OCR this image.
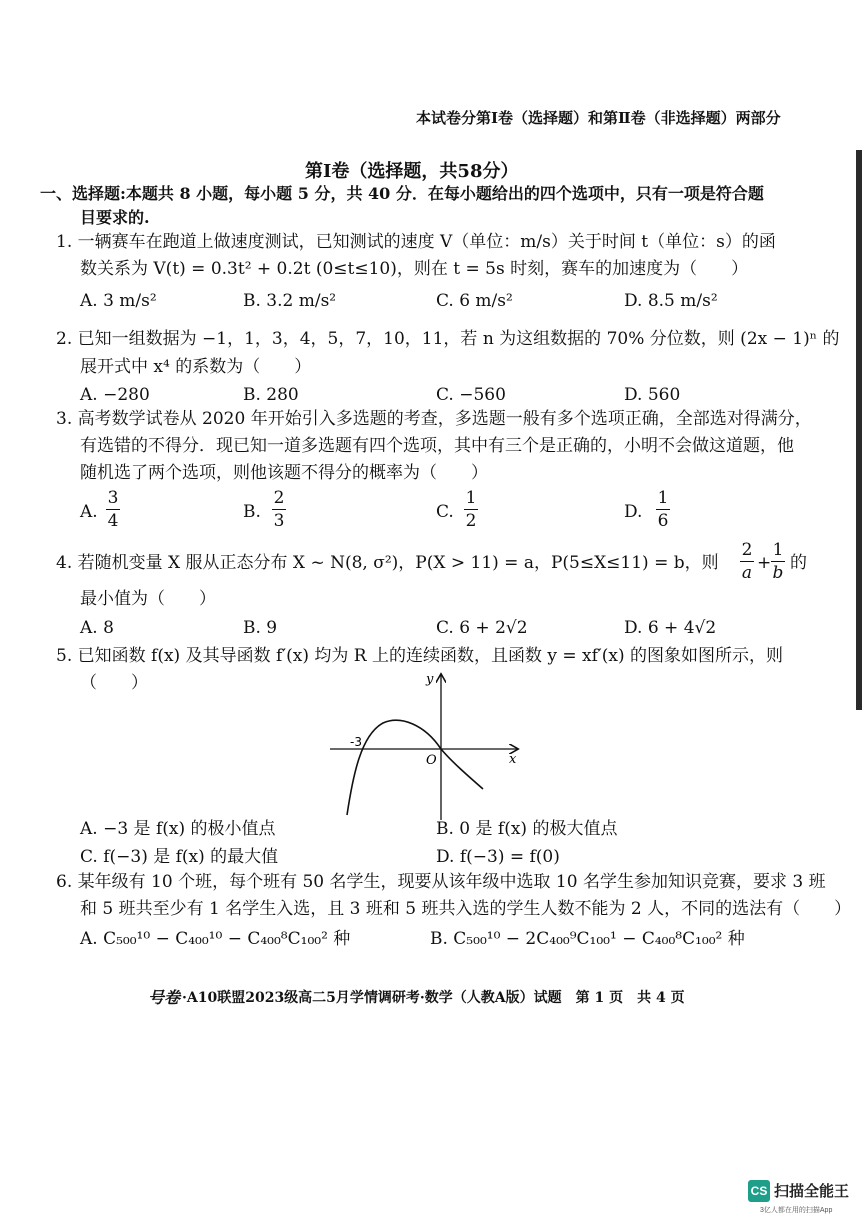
本试卷分第Ⅰ卷（选择题）和第Ⅱ卷（非选择题）两部分
第Ⅰ卷（选择题，共58分）
一、选择题:本题共 8 小题，每小题 5 分，共 40 分．在每小题给出的四个选项中，只有一项是符合题
目要求的.
1. 一辆赛车在跑道上做速度测试，已知测试的速度 V（单位：m/s）关于时间 t（单位：s）的函
数关系为 V(t) = 0.3t² + 0.2t (0≤t≤10)，则在 t = 5s 时刻，赛车的加速度为（　　）
A. 3 m/s²	B. 3.2 m/s²	C. 6 m/s²	D. 8.5 m/s²
2. 已知一组数据为 −1，1，3，4，5，7，10，11，若 n 为这组数据的 70% 分位数，则 (2x − 1)ⁿ 的
展开式中 x⁴ 的系数为（　　）
A. −280	B. 280	C. −560	D. 560
3. 高考数学试卷从 2020 年开始引入多选题的考查，多选题一般有多个选项正确，全部选对得满分，
有选错的不得分．现已知一道多选题有四个选项，其中有三个是正确的，小明不会做这道题，他
随机选了两个选项，则他该题不得分的概率为（　　）
A.
3
4	B.
2
3	C.
1
2	D.
1
6
4. 若随机变量 X 服从正态分布 X ~ N(8, σ²)，P(X > 11) = a，P(5≤X≤11) = b，则
2
a +
1
b 的
最小值为（　　）
A. 8	B. 9	C. 6 + 2√2	D. 6 + 4√2
5. 已知函数 f(x) 及其导函数 f′(x) 均为 R 上的连续函数，且函数 y = xf′(x) 的图象如图所示，则
（　　）	y
x
O
-3
A. −3 是 f(x) 的极小值点	B. 0 是 f(x) 的极大值点
C. f(−3) 是 f(x) 的最大值	D. f(−3) = f(0)
6. 某年级有 10 个班，每个班有 50 名学生，现要从该年级中选取 10 名学生参加知识竞赛，要求 3 班
和 5 班共至少有 1 名学生入选，且 3 班和 5 班共入选的学生人数不能为 2 人，不同的选法有（　　）
A. C₅₀₀¹⁰ − C₄₀₀¹⁰ − C₄₀₀⁸C₁₀₀² 种	B. C₅₀₀¹⁰ − 2C₄₀₀⁹C₁₀₀¹ − C₄₀₀⁸C₁₀₀² 种
号卷 ·A10联盟2023级高二5月学情调研考·数学（人教A版）试题　第 1 页　共 4 页
CS 扫描全能王
3亿人都在用的扫描App
